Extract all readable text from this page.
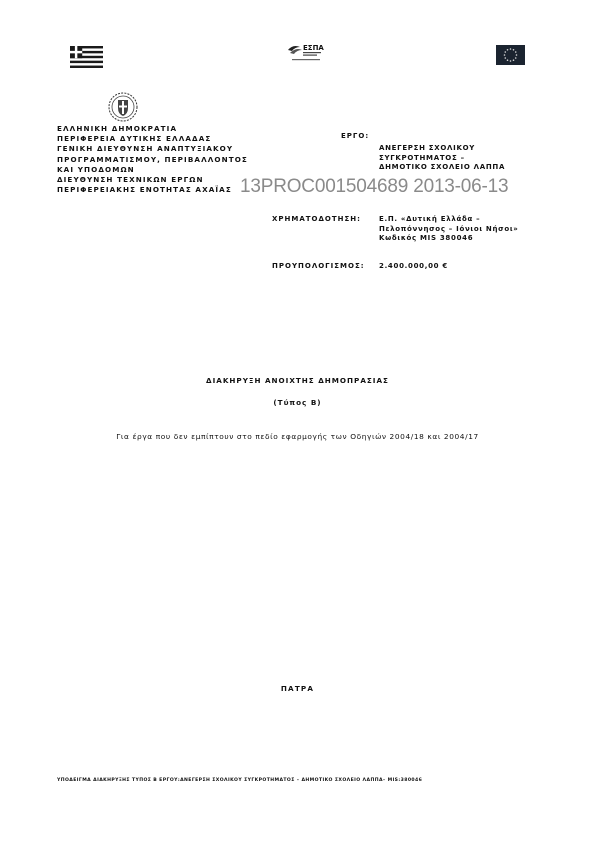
ΕΣΠΑ
ΕΛΛΗΝΙΚΗ ΔΗΜΟΚΡΑΤΙΑ
ΠΕΡΙΦΕΡΕΙΑ ΔΥΤΙΚΗΣ ΕΛΛΑΔΑΣ
ΓΕΝΙΚΗ ΔΙΕΥΘΥΝΣΗ ΑΝΑΠΤΥΞΙΑΚΟΥ
ΠΡΟΓΡΑΜΜΑΤΙΣΜΟΥ, ΠΕΡΙΒΑΛΛΟΝΤΟΣ
ΚΑΙ ΥΠΟΔΟΜΩΝ
ΔΙΕΥΘΥΝΣΗ ΤΕΧΝΙΚΩΝ ΕΡΓΩΝ
ΠΕΡΙΦΕΡΕΙΑΚΗΣ ΕΝΟΤΗΤΑΣ ΑΧΑΪΑΣ
ΕΡΓΟ:
ΑΝΕΓΕΡΣΗ ΣΧΟΛΙΚΟΥ
ΣΥΓΚΡΟΤΗΜΑΤΟΣ –
ΔΗΜΟΤΙΚΟ ΣΧΟΛΕΙΟ ΛΑΠΠΑ
13PROC001504689 2013-06-13
ΧΡΗΜΑΤΟΔΟΤΗΣΗ:	Ε.Π. «Δυτική Ελλάδα –
Πελοπόννησος – Ιόνιοι Νήσοι»
Κωδικός MIS 380046
ΠΡΟΥΠΟΛΟΓΙΣΜΟΣ: 2.400.000,00 €
ΔΙΑΚΗΡΥΞΗ ΑΝΟΙΧΤΗΣ ΔΗΜΟΠΡΑΣΙΑΣ
(Τύπος Β)
Για έργα που δεν εμπίπτουν στο πεδίο εφαρμογής των Οδηγιών 2004/18 και 2004/17
ΠΑΤΡΑ
ΥΠΟΔΕΙΓΜΑ ΔΙΑΚΗΡΥΞΗΣ ΤΥΠΟΣ Β ΕΡΓΟΥ:ΑΝΕΓΕΡΣΗ ΣΧΟΛΙΚΟΥ ΣΥΓΚΡΟΤΗΜΑΤΟΣ – ΔΗΜΟΤΙΚΟ ΣΧΟΛΕΙΟ ΛΑΠΠΑ– MIS:380046
